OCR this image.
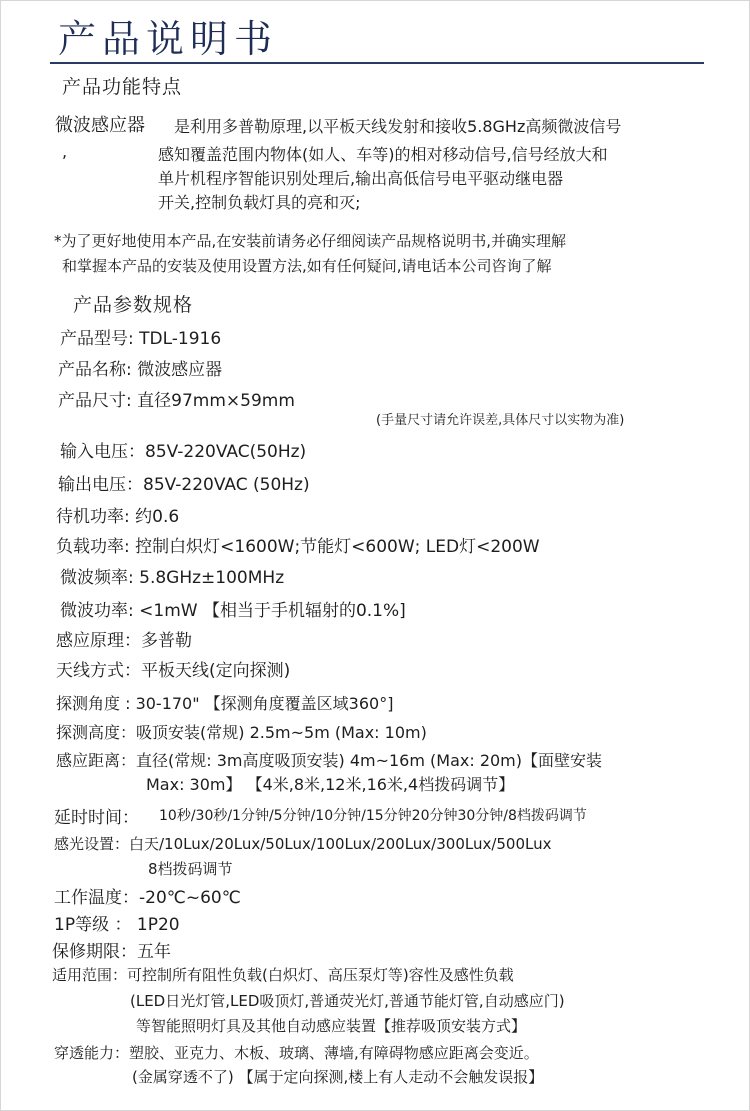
产品说明书
产品功能特点
微波感应器 是利用多普勒原理,以平板天线发射和接收5.8GHz高频微波信号
,	感知覆盖范围内物体(如人、车等)的相对移动信号,信号经放大和
单片机程序智能识别处理后,输出高低信号电平驱动继电器
开关,控制负载灯具的亮和灭;
*为了更好地使用本产品,在安装前请务必仔细阅读产品规格说明书,并确实理解
和掌握本产品的安装及使用设置方法,如有任何疑问,请电话本公司咨询了解
产品参数规格
产品型号: TDL-1916
产品名称: 微波感应器
产品尺寸: 直径97mm×59mm
(手量尺寸请允许误差,具体尺寸以实物为准)
输入电压：85V-220VAC(50Hz)
输出电压：85V-220VAC (50Hz)
待机功率: 约0.6
负载功率: 控制白炽灯<1600W;节能灯<600W; LED灯<200W
微波频率: 5.8GHz±100MHz
微波功率: <1mW 【相当于手机辐射的0.1%]
感应原理：多普勒
天线方式：平板天线(定向探测)
探测角度 : 30-170" 【探测角度覆盖区域360°]
探测高度：吸顶安装(常规) 2.5m~5m (Max: 10m)
感应距离：直径(常规: 3m高度吸顶安装) 4m~16m (Max: 20m)【面壁安装
Max: 30m】 【4米,8米,12米,16米,4档拨码调节】
延时时间： 10秒/30秒/1分钟/5分钟/10分钟/15分钟20分钟30分钟/8档拨码调节
感光设置：白天/10Lux/20Lux/50Lux/100Lux/200Lux/300Lux/500Lux
8档拨码调节
工作温度：-20℃~60℃
1P等级 ： 1P20
保修期限：五年
适用范围：可控制所有阻性负载(白炽灯、高压泵灯等)容性及感性负载
(LED日光灯管,LED吸顶灯,普通荧光灯,普通节能灯管,自动感应门)
等智能照明灯具及其他自动感应装置【推荐吸顶安装方式】
穿透能力：塑胶、亚克力、木板、玻璃、薄墙,有障碍物感应距离会变近。
(金属穿透不了) 【属于定向探测,楼上有人走动不会触发误报】
